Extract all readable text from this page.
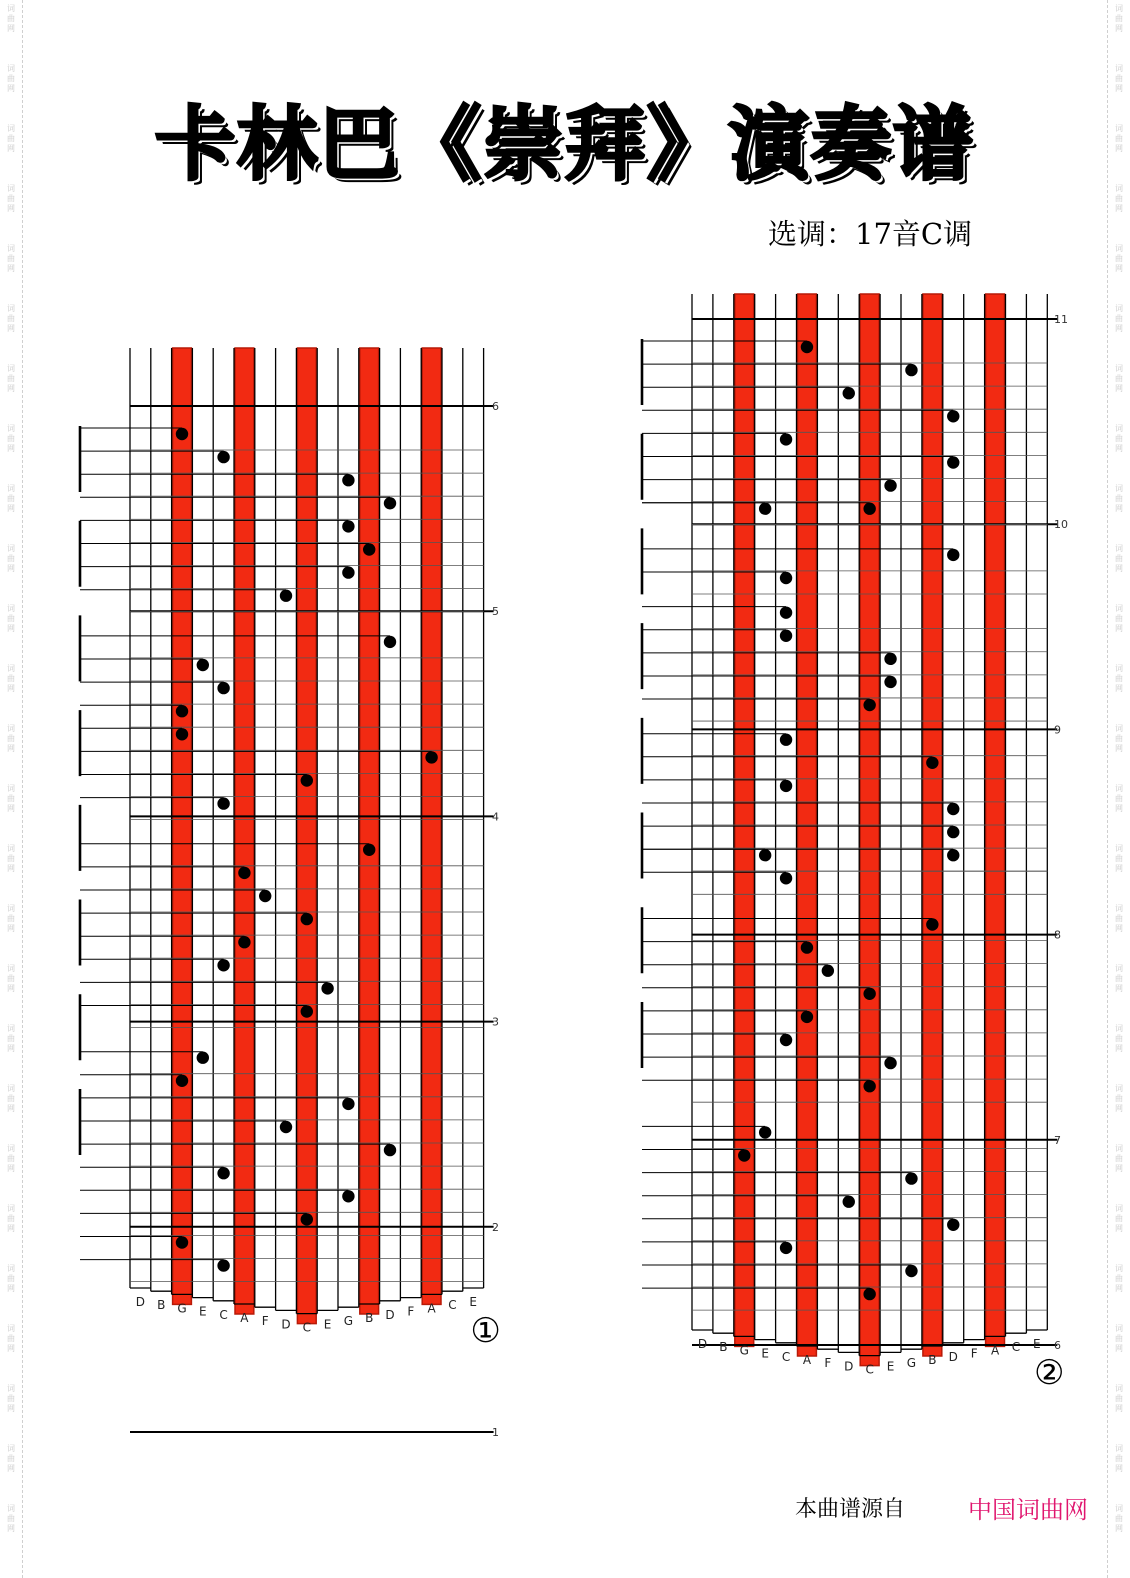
词曲网
词曲网
词曲网
词曲网
词曲网
词曲网
词曲网
词曲网
词曲网
词曲网
词曲网
词曲网
词曲网
词曲网
词曲网
词曲网
词曲网
词曲网
词曲网
词曲网
词曲网
词曲网
词曲网
词曲网
词曲网
词曲网
词曲网
词曲网
词曲网
词曲网
词曲网
词曲网
词曲网
词曲网
词曲网
词曲网
词曲网
词曲网
词曲网
词曲网
词曲网
词曲网
词曲网
词曲网
词曲网
词曲网
词曲网
词曲网
词曲网
词曲网
词曲网
词曲网
卡林巴《崇拜》演奏谱
选调：17音C调
6
5
4
3
2
1
D B G E C A F D C E G B D F A C E
①
11
10
9
8
7
6
D B G E C A F D C E G B D F A C E
②
本曲谱源自	中国词曲网
